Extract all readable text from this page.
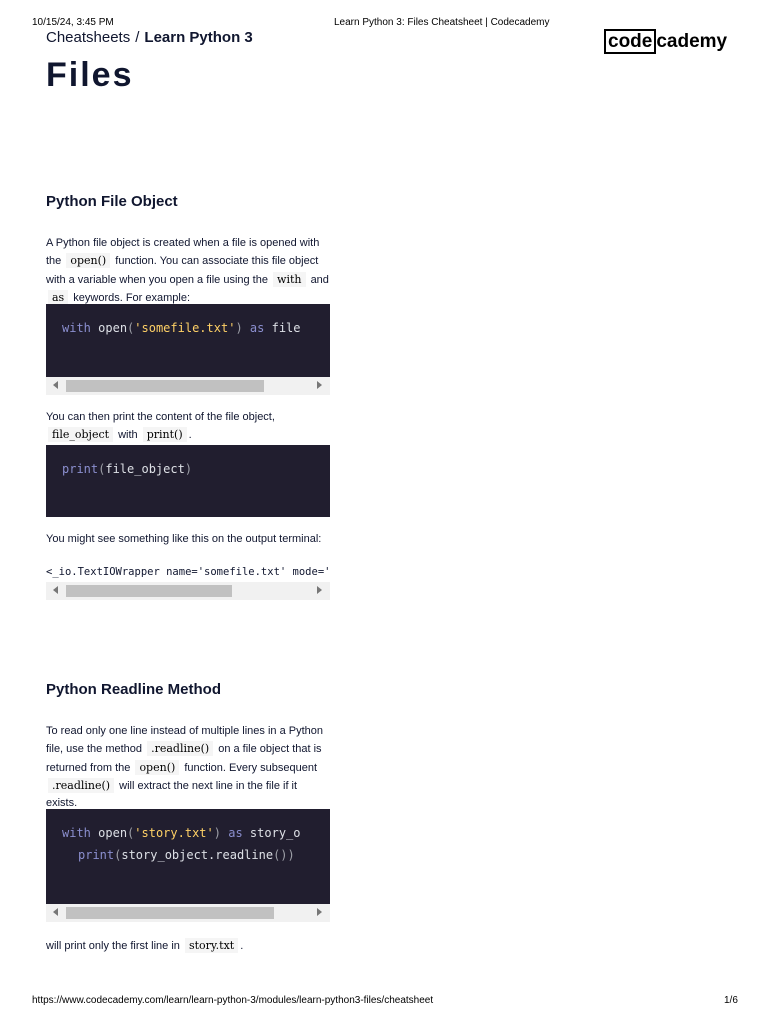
10/15/24, 3:45 PM	Learn Python 3: Files Cheatsheet | Codecademy
Cheatsheets / Learn Python 3	code cademy
Files
Python File Object
A Python file object is created when a file is opened with the open() function. You can associate this file object with a variable when you open a file using the with and as keywords. For example:

with open('somefile.txt') as file

You can then print the content of the file object, file_object with print() .

print(file_object)

You might see something like this on the output terminal:
<_io.TextIOWrapper name='somefile.txt' mode='
Python Readline Method
To read only one line instead of multiple lines in a Python file, use the method .readline() on a file object that is returned from the open() function. Every subsequent .readline() will extract the next line in the file if it exists.

with open('story.txt') as story_o

print(story_object.readline())

will print only the first line in story.txt .
https://www.codecademy.com/learn/learn-python-3/modules/learn-python3-files/cheatsheet	1/6
